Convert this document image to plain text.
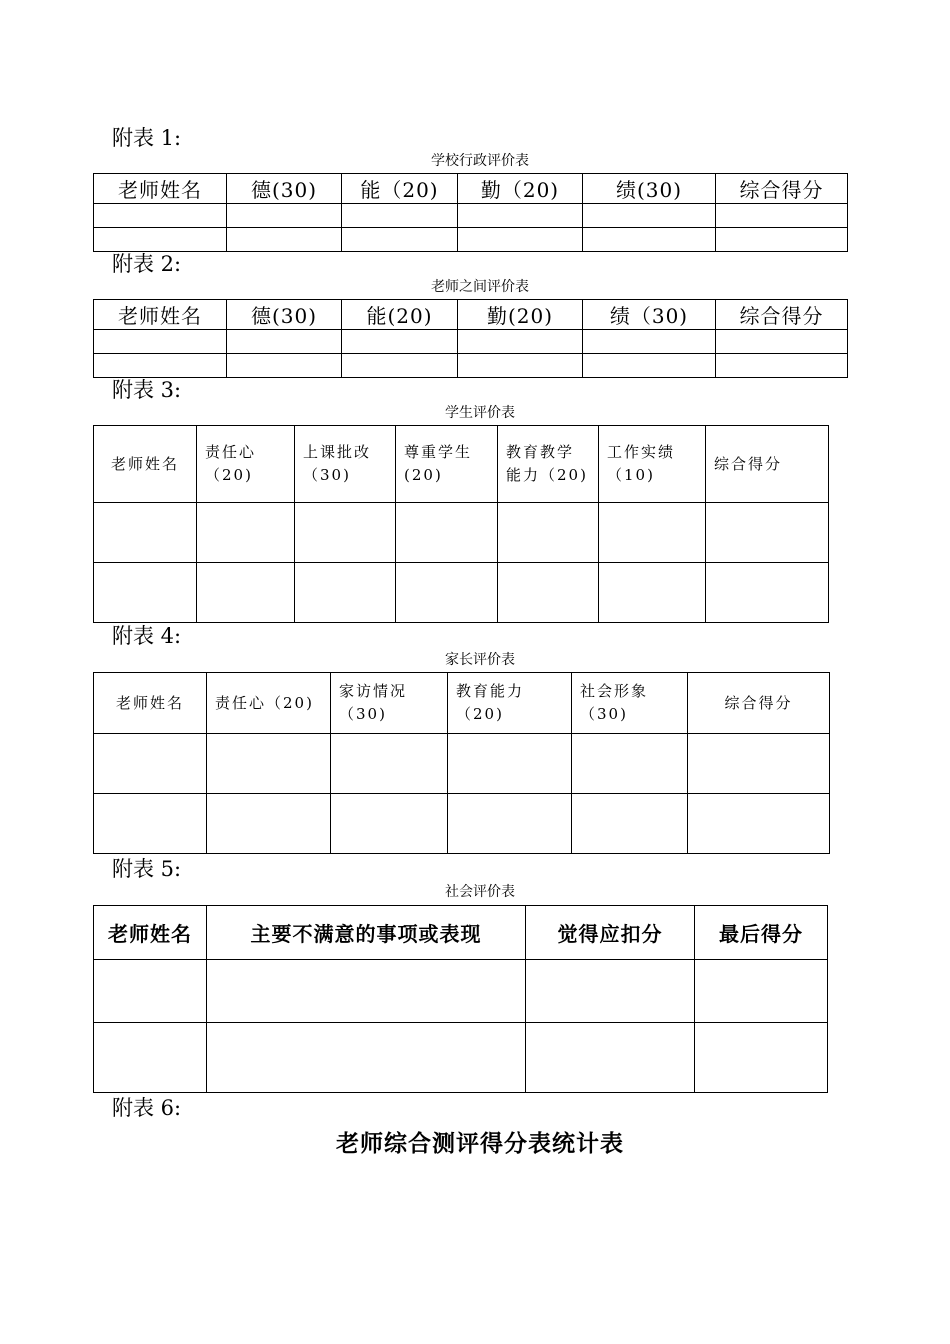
附表 1:
学校行政评价表
老师姓名	德(30)	能（20)	勤（20)	绩(30)	综合得分

附表 2:
老师之间评价表
老师姓名	德(30)	能(20)	勤(20)	绩（30)	综合得分

附表 3:
学生评价表
老师姓名	责任心（20)	上课批改（30)	尊重学生(20)	教育教学能力（20)	工作实绩（10)	综合得分

附表 4:
家长评价表
老师姓名	责任心（20)	家访情况（30)	教育能力（20)	社会形象（30)	综合得分

附表 5:
社会评价表
老师姓名	主要不满意的事项或表现	觉得应扣分	最后得分

附表 6:
老师综合测评得分表统计表
